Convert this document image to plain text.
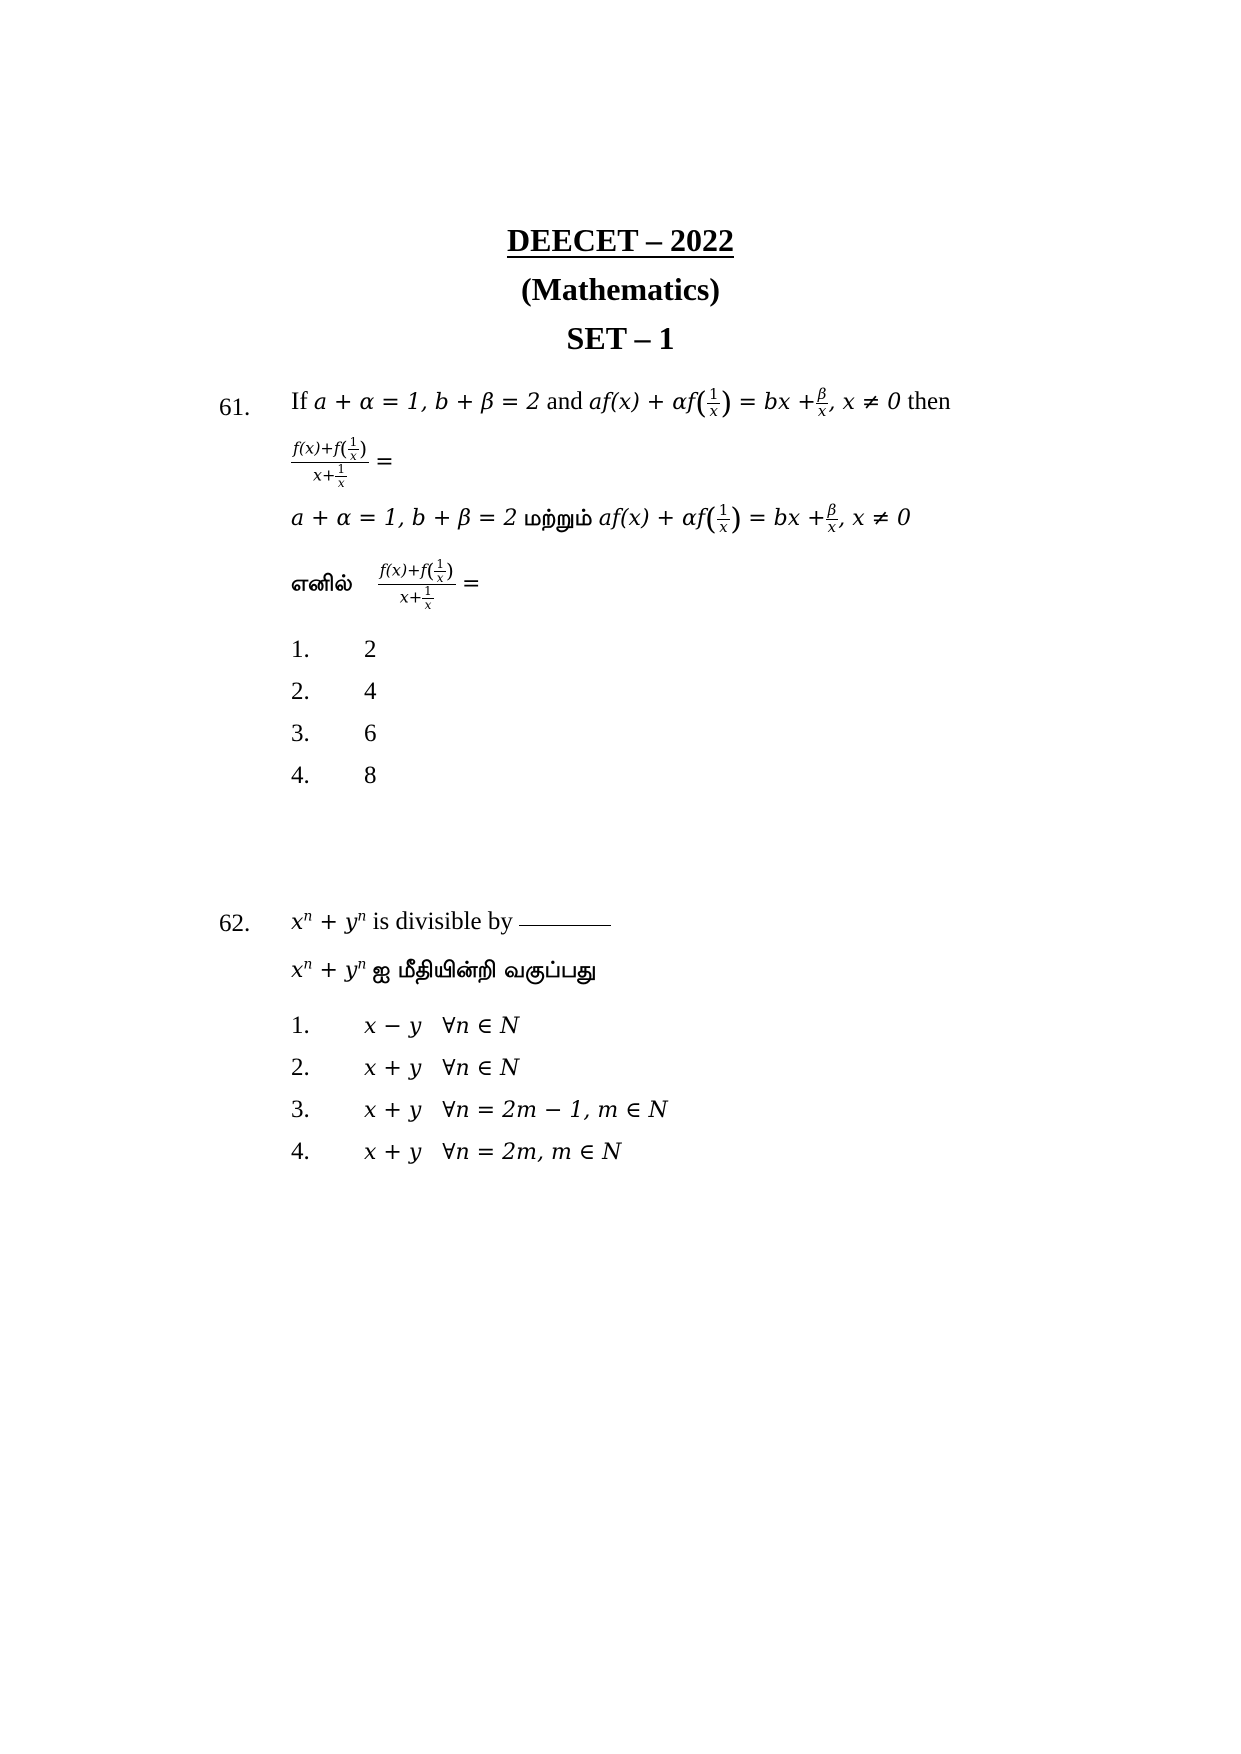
DEECET – 2022
(Mathematics)
SET – 1
61. If a + α = 1, b + β = 2 and $af(x) + \alpha f( \frac{1}{x}$ ) = bx + $\frac{\beta}{x}$ , x ≠ 0 then
$\frac{f(x)+f( \frac{1}{x} )}{x+ \frac{1}{x}}$ =
a + α = 1, b + β = 2 மற்றும் $af(x) + \alpha f( \frac{1}{x}$ ) = bx + $\frac{\beta}{x}$ , x ≠ 0
எனில் $\frac{f(x)+f( \frac{1}{x} )}{x+ \frac{1}{x}}$ =
1. 2
2. 4
3. 6
4. 8
62. $x^n + y^n$ is divisible by
$x^n + y^n$ ஐ மீதியின்றி வகுப்பது
1. x − y   ∀n ∈ N
2. x + y   ∀n ∈ N
3. x + y   ∀n = 2m − 1, m ∈ N
4. x + y   ∀n = 2m, m ∈ N
